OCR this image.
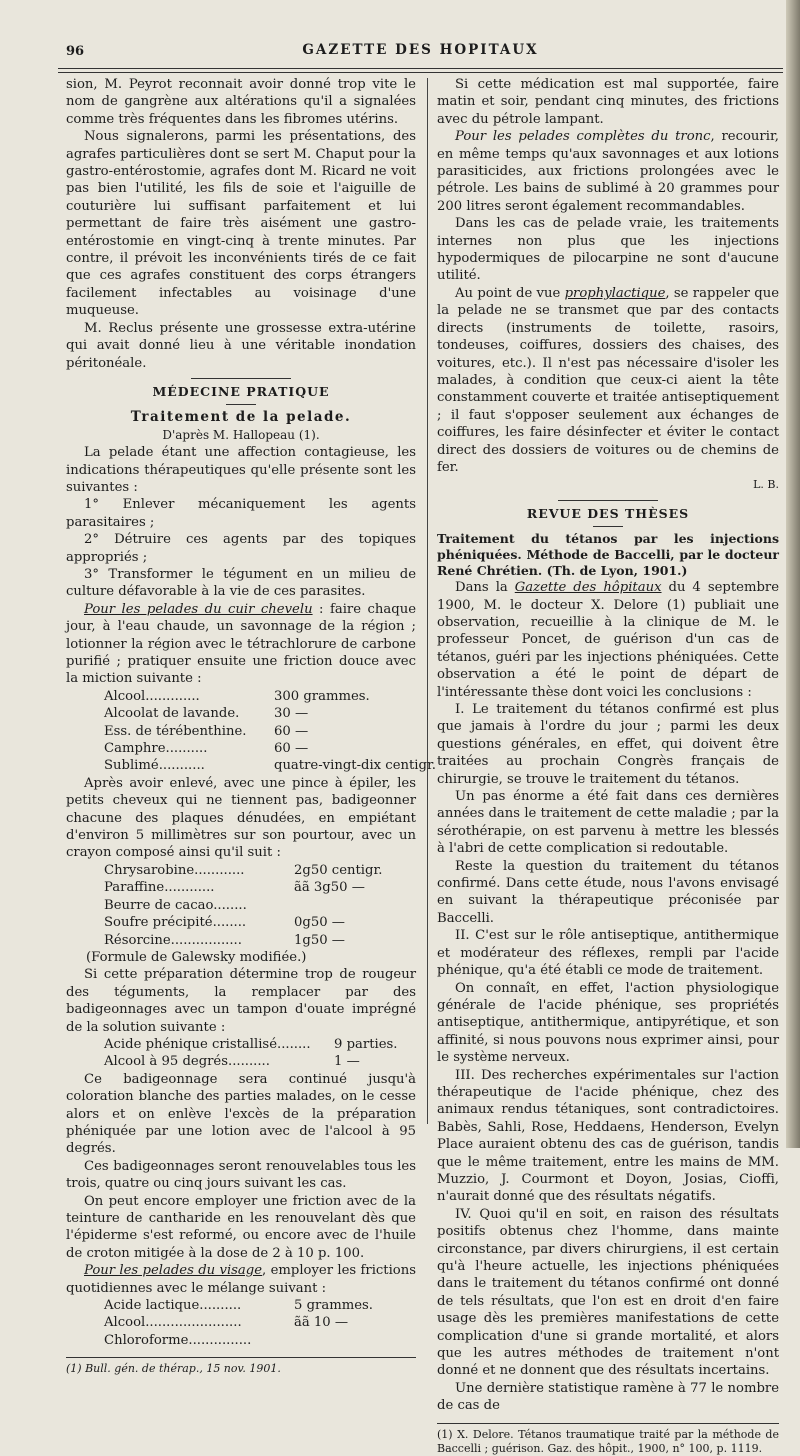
96	GAZETTE DES HOPITAUX

sion, M. Peyrot reconnait avoir donné trop vite le nom de gangrène aux altérations qu'il a signalées comme très fréquentes dans les fibromes utérins.

Nous signalerons, parmi les présentations, des agrafes particulières dont se sert M. Chaput pour la gastro-entérostomie, agrafes dont M. Ricard ne voit pas bien l'utilité, les fils de soie et l'aiguille de couturière lui suffisant parfaitement et lui permettant de faire très aisément une gastro-entérostomie en vingt-cinq à trente minutes. Par contre, il prévoit les inconvénients tirés de ce fait que ces agrafes constituent des corps étrangers facilement infectables au voisinage d'une muqueuse.

M. Reclus présente une grossesse extra-utérine qui avait donné lieu à une véritable inondation péritonéale.

MÉDECINE PRATIQUE
Traitement de la pelade.
D'après M. Hallopeau (1).

La pelade étant une affection contagieuse, les indications thérapeutiques qu'elle présente sont les suivantes :

1° Enlever mécaniquement les agents parasitaires ;

2° Détruire ces agents par des topiques appropriés ;

3° Transformer le tégument en un milieu de culture défavorable à la vie de ces parasites.

Pour les pelades du cuir chevelu : faire chaque jour, à l'eau chaude, un savonnage de la région ; lotionner la région avec le tétrachlorure de carbone purifié ; pratiquer ensuite une friction douce avec la miction suivante :

Alcool.............	300 grammes.
Alcoolat de lavande.	30 —
Ess. de térébenthine.	60 —
Camphre..........	60 —
Sublimé...........	quatre-vingt-dix centigr.

Après avoir enlevé, avec une pince à épiler, les petits cheveux qui ne tiennent pas, badigeonner chacune des plaques dénudées, en empiétant d'environ 5 millimètres sur son pourtour, avec un crayon composé ainsi qu'il suit :

Chrysarobine............	2g50 centigr.
Paraffine............	ãã 3g50 —
Beurre de cacao........
Soufre précipité........	0g50 —
Résorcine.................	1g50 —

(Formule de Galewsky modifiée.)

Si cette préparation détermine trop de rougeur des téguments, la remplacer par des badigeonnages avec un tampon d'ouate imprégné de la solution suivante :

Acide phénique cristallisé........	9 parties.
Alcool à 95 degrés..........	1 —

Ce badigeonnage sera continué jusqu'à coloration blanche des parties malades, on le cesse alors et on enlève l'excès de la préparation phéniquée par une lotion avec de l'alcool à 95 degrés.

Ces badigeonnages seront renouvelables tous les trois, quatre ou cinq jours suivant les cas.

On peut encore employer une friction avec de la teinture de cantharide en les renouvelant dès que l'épiderme s'est reformé, ou encore avec de l'huile de croton mitigée à la dose de 2 à 10 p. 100.

Pour les pelades du visage, employer les frictions quotidiennes avec le mélange suivant :

Acide lactique..........	5 grammes.
Alcool.......................	ãã 10 —
Chloroforme...............

(1) Bull. gén. de thérap., 15 nov. 1901.

Si cette médication est mal supportée, faire matin et soir, pendant cinq minutes, des frictions avec du pétrole lampant.

Pour les pelades complètes du tronc, recourir, en même temps qu'aux savonnages et aux lotions parasiticides, aux frictions prolongées avec le pétrole. Les bains de sublimé à 20 grammes pour 200 litres seront également recommandables.

Dans les cas de pelade vraie, les traitements internes non plus que les injections hypodermiques de pilocarpine ne sont d'aucune utilité.

Au point de vue prophylactique, se rappeler que la pelade ne se transmet que par des contacts directs (instruments de toilette, rasoirs, tondeuses, coiffures, dossiers des chaises, des voitures, etc.). Il n'est pas nécessaire d'isoler les malades, à condition que ceux-ci aient la tête constamment couverte et traitée antiseptiquement ; il faut s'opposer seulement aux échanges de coiffures, les faire désinfecter et éviter le contact direct des dossiers de voitures ou de chemins de fer.

L. B.

REVUE DES THÈSES

Traitement du tétanos par les injections phéniquées. Méthode de Baccelli, par le docteur René Chrétien. (Th. de Lyon, 1901.)

Dans la Gazette des hôpitaux du 4 septembre 1900, M. le docteur X. Delore (1) publiait une observation, recueillie à la clinique de M. le professeur Poncet, de guérison d'un cas de tétanos, guéri par les injections phéniquées. Cette observation a été le point de départ de l'intéressante thèse dont voici les conclusions :

I. Le traitement du tétanos confirmé est plus que jamais à l'ordre du jour ; parmi les deux questions générales, en effet, qui doivent être traitées au prochain Congrès français de chirurgie, se trouve le traitement du tétanos.

Un pas énorme a été fait dans ces dernières années dans le traitement de cette maladie ; par la sérothérapie, on est parvenu à mettre les blessés à l'abri de cette complication si redoutable.

Reste la question du traitement du tétanos confirmé. Dans cette étude, nous l'avons envisagé en suivant la thérapeutique préconisée par Baccelli.

II. C'est sur le rôle antiseptique, antithermique et modérateur des réflexes, rempli par l'acide phénique, qu'a été établi ce mode de traitement.

On connaît, en effet, l'action physiologique générale de l'acide phénique, ses propriétés antiseptique, antithermique, antipyrétique, et son affinité, si nous pouvons nous exprimer ainsi, pour le système nerveux.

III. Des recherches expérimentales sur l'action thérapeutique de l'acide phénique, chez des animaux rendus tétaniques, sont contradictoires. Babès, Sahli, Rose, Heddaens, Henderson, Evelyn Place auraient obtenu des cas de guérison, tandis que le même traitement, entre les mains de MM. Muzzio, J. Courmont et Doyon, Josias, Cioffi, n'aurait donné que des résultats négatifs.

IV. Quoi qu'il en soit, en raison des résultats positifs obtenus chez l'homme, dans mainte circonstance, par divers chirurgiens, il est certain qu'à l'heure actuelle, les injections phéniquées dans le traitement du tétanos confirmé ont donné de tels résultats, que l'on est en droit d'en faire usage dès les premières manifestations de cette complication d'une si grande mortalité, et alors que les autres méthodes de traitement n'ont donné et ne donnent que des résultats incertains.

Une dernière statistique ramène à 77 le nombre de cas de

(1) X. Delore. Tétanos traumatique traité par la méthode de Baccelli ; guérison. Gaz. des hôpit., 1900, n° 100, p. 1119.
